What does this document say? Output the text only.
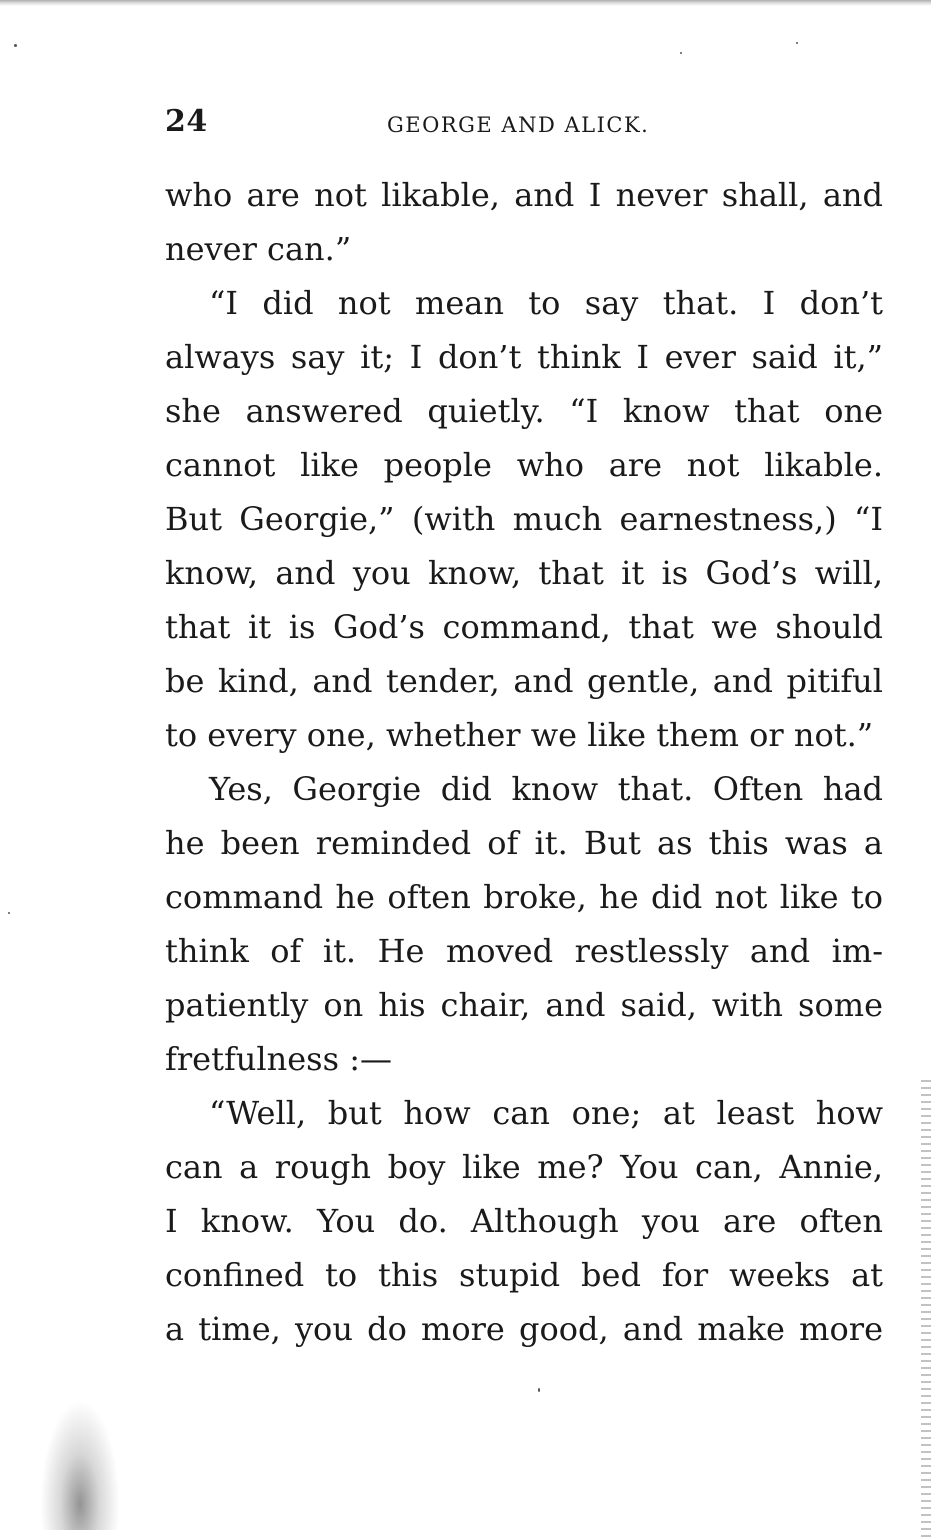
24	GEORGE AND ALICK.
who are not likable, and I never shall, and
never can.”
“I did not mean to say that. I don’t
always say it; I don’t think I ever said it,”
she answered quietly. “I know that one
cannot like people who are not likable.
But Georgie,” (with much earnestness,) “I
know, and you know, that it is God’s will,
that it is God’s command, that we should
be kind, and tender, and gentle, and pitiful
to every one, whether we like them or not.”
Yes, Georgie did know that. Often had
he been reminded of it. But as this was a
command he often broke, he did not like to
think of it. He moved restlessly and im-
patiently on his chair, and said, with some
fretfulness :—
“Well, but how can one; at least how
can a rough boy like me? You can, Annie,
I know. You do. Although you are often
confined to this stupid bed for weeks at
a time, you do more good, and make more
